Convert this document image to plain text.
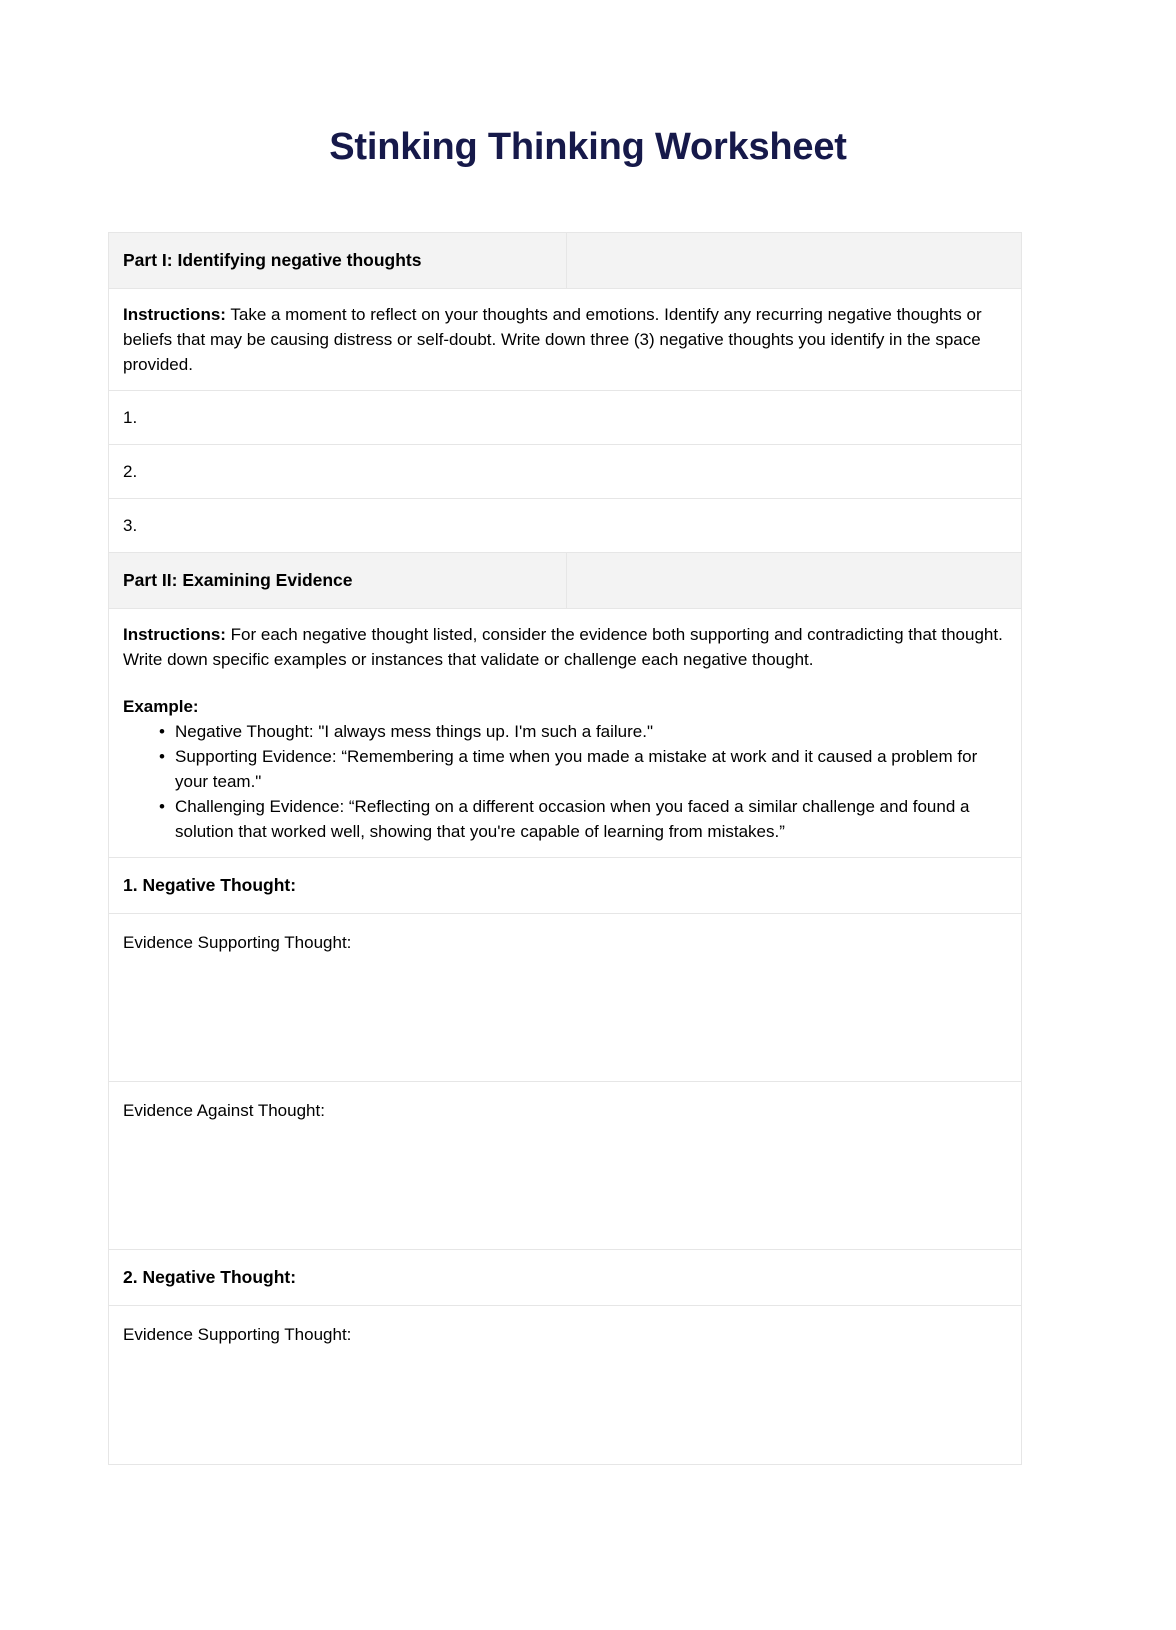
Stinking Thinking Worksheet
Part I: Identifying negative thoughts

Instructions: Take a moment to reflect on your thoughts and emotions. Identify any recurring negative thoughts or beliefs that may be causing distress or self-doubt. Write down three (3) negative thoughts you identify in the space provided.

1.
2.
3.
Part II: Examining Evidence

Instructions: For each negative thought listed, consider the evidence both supporting and contradicting that thought. Write down specific examples or instances that validate or challenge each negative thought.

Example:

• Negative Thought: "I always mess things up. I'm such a failure."
• Supporting Evidence: “Remembering a time when you made a mistake at work and it caused a problem for your team."
• Challenging Evidence: “Reflecting on a different occasion when you faced a similar challenge and found a solution that worked well, showing that you're capable of learning from mistakes.”
1. Negative Thought:
Evidence Supporting Thought:
Evidence Against Thought:
2. Negative Thought:
Evidence Supporting Thought:
